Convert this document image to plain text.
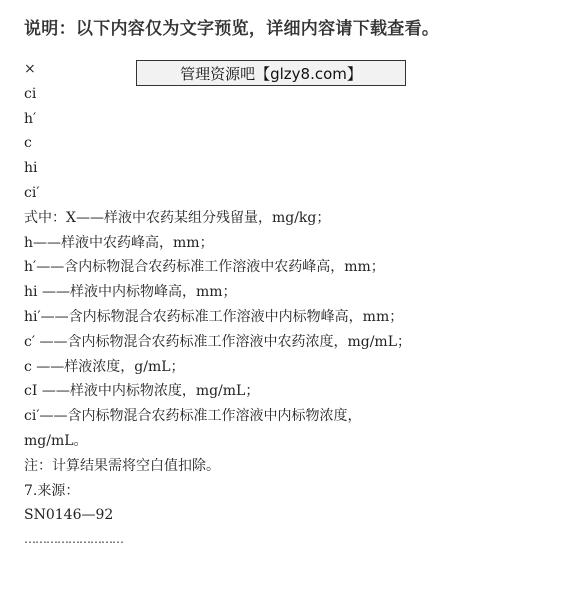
说明：以下内容仅为文字预览，详细内容请下载查看。
管理资源吧【glzy8.com】
×
ci
h′
c
hi
ci′
式中：X——样液中农药某组分残留量，mg/kg；
h——样液中农药峰高，mm；
h′——含内标物混合农药标准工作溶液中农药峰高，mm；
hi ——样液中内标物峰高，mm；
hi′——含内标物混合农药标准工作溶液中内标物峰高，mm；
c′ ——含内标物混合农药标准工作溶液中农药浓度，mg/mL；
c ——样液浓度，g/mL；
cI ——样液中内标物浓度，mg/mL；
ci′——含内标物混合农药标准工作溶液中内标物浓度，
mg/mL。
注：计算结果需将空白值扣除。
7.来源：
SN0146—92
………………………
